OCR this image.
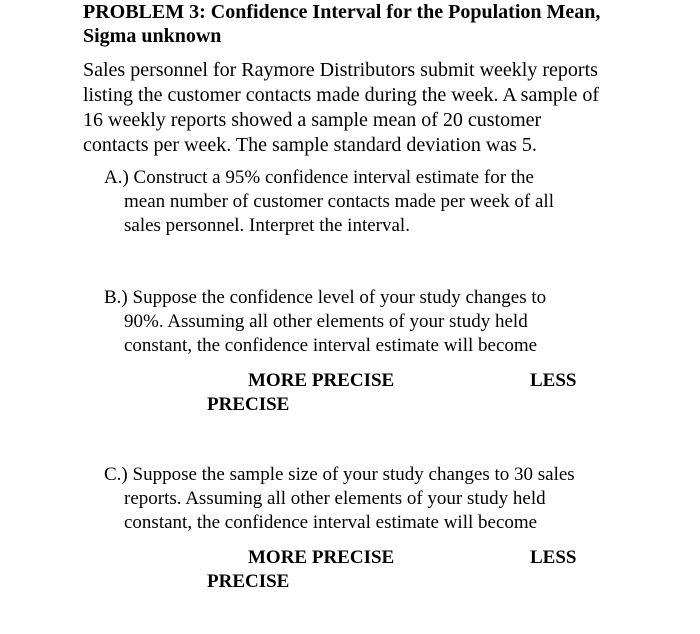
PROBLEM 3: Confidence Interval for the Population Mean,
Sigma unknown
Sales personnel for Raymore Distributors submit weekly reports
listing the customer contacts made during the week. A sample of
16 weekly reports showed a sample mean of 20 customer
contacts per week. The sample standard deviation was 5.
A.) Construct a 95% confidence interval estimate for the
mean number of customer contacts made per week of all
sales personnel. Interpret the interval.
B.) Suppose the confidence level of your study changes to
90%. Assuming all other elements of your study held
constant, the confidence interval estimate will become
MORE PRECISE	LESS
PRECISE
C.) Suppose the sample size of your study changes to 30 sales
reports. Assuming all other elements of your study held
constant, the confidence interval estimate will become
MORE PRECISE	LESS
PRECISE
